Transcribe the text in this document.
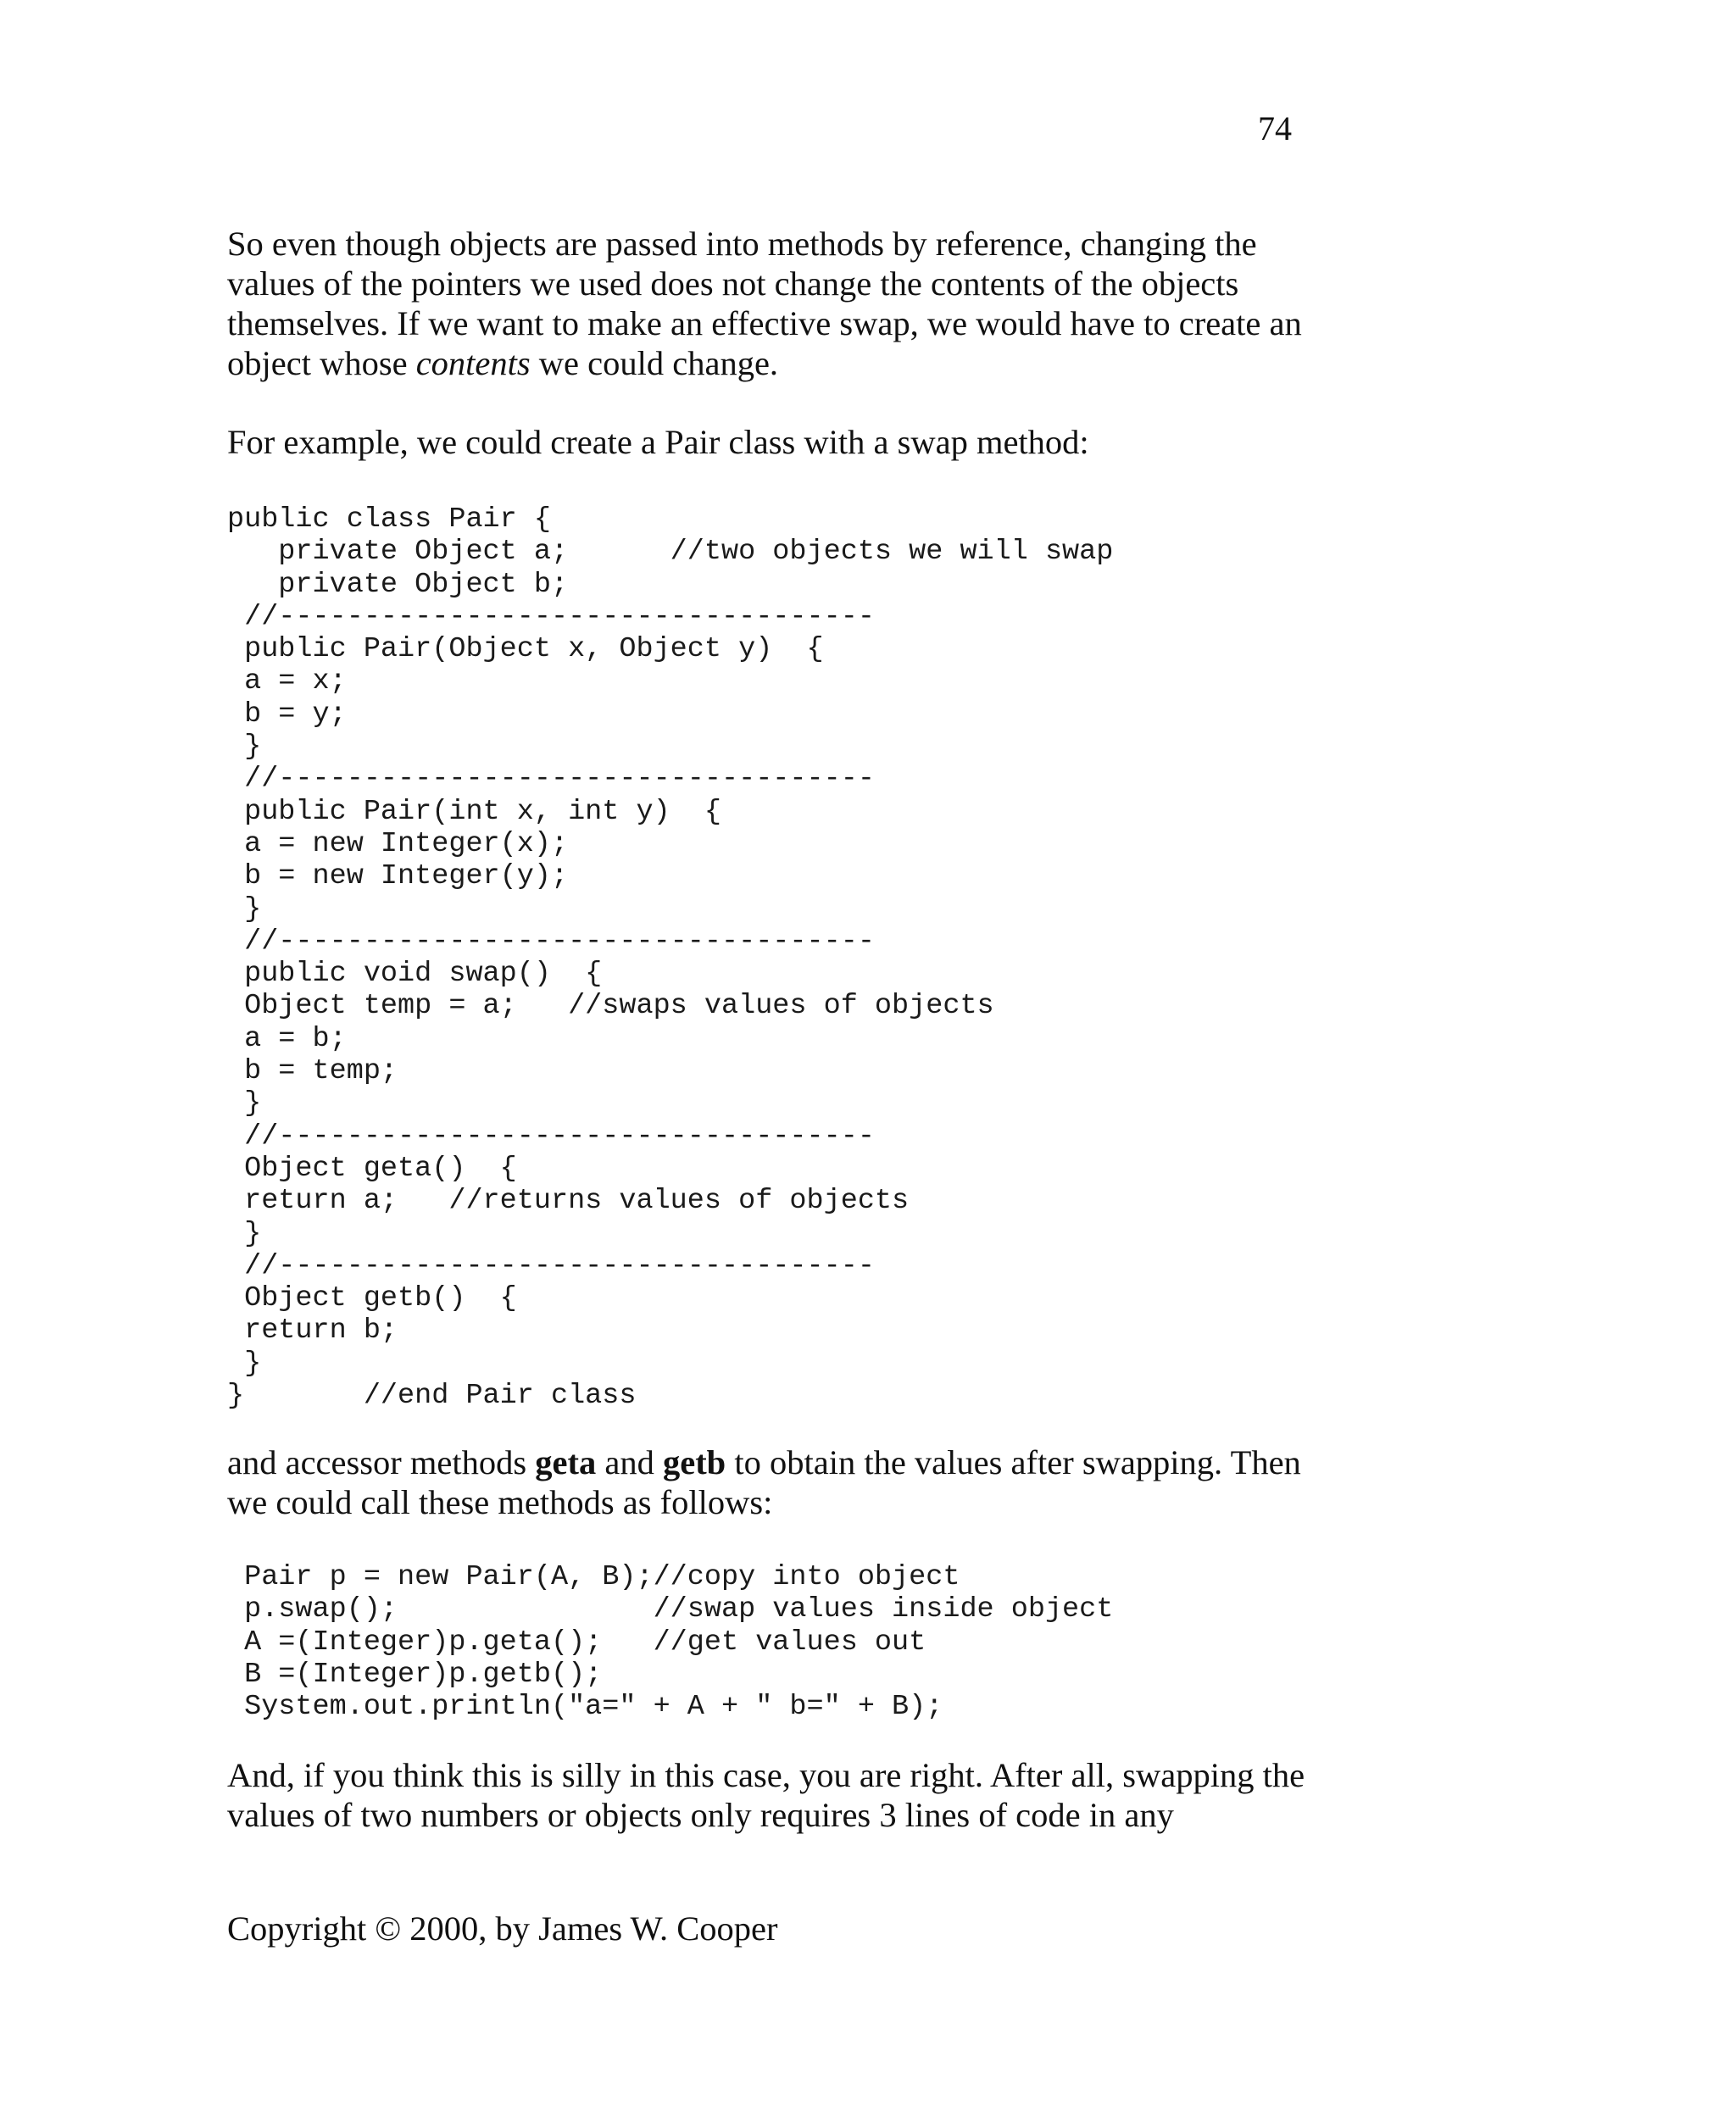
74

So even though objects are passed into methods by reference, changing the values of the pointers we used does not change the contents of the objects themselves. If we want to make an effective swap, we would have to create an object whose contents we could change.

For example, we could create a Pair class with a swap method:

public class Pair {
private Object a;      //two objects we will swap
private Object b;
//-----------------------------------
public Pair(Object x, Object y)  {
a = x;
b = y;
}
//-----------------------------------
public Pair(int x, int y)  {
a = new Integer(x);
b = new Integer(y);
}
//-----------------------------------
public void swap()  {
Object temp = a;   //swaps values of objects
a = b;
b = temp;
}
//-----------------------------------
Object geta()  {
return a;   //returns values of objects
}
//-----------------------------------
Object getb()  {
return b;
}
}       //end Pair class

and accessor methods geta and getb to obtain the values after swapping. Then we could call these methods as follows:

Pair p = new Pair(A, B);//copy into object
p.swap();               //swap values inside object
A =(Integer)p.geta();   //get values out
B =(Integer)p.getb();
System.out.println("a=" + A + " b=" + B);

And, if you think this is silly in this case, you are right. After all, swapping the values of two numbers or objects only requires 3 lines of code in any

Copyright © 2000, by James W. Cooper
